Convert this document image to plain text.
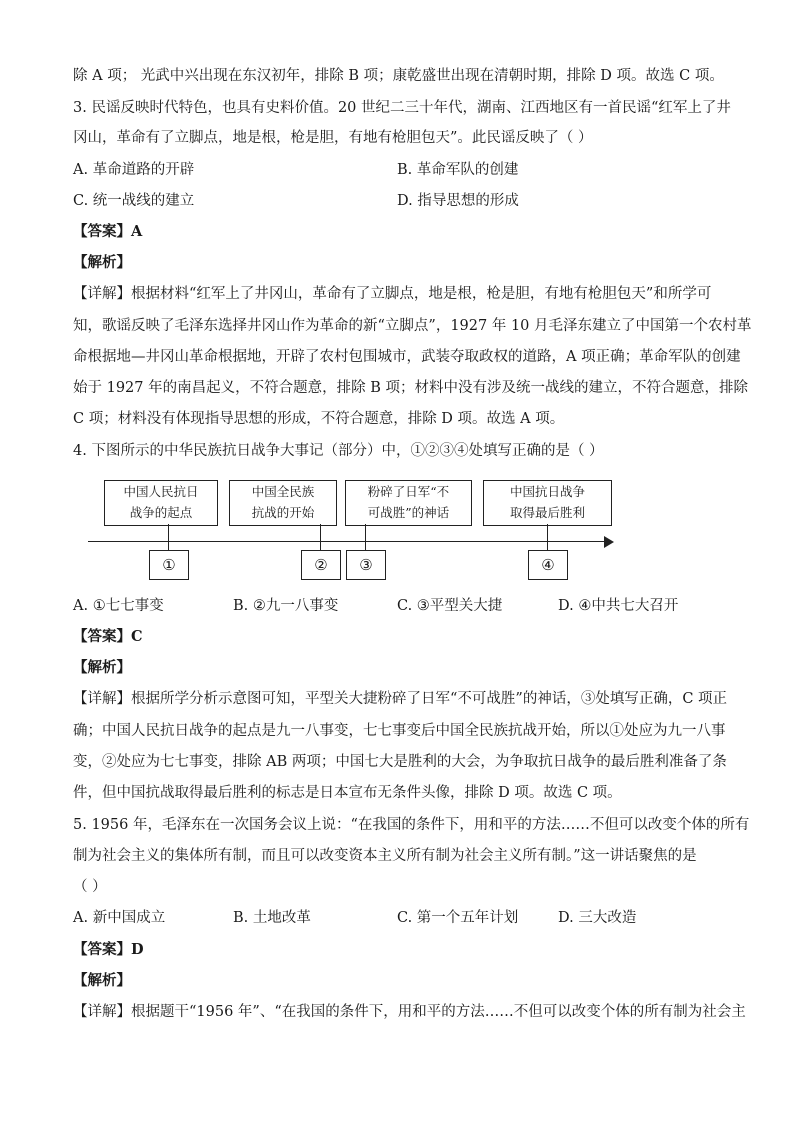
除 A 项； 光武中兴出现在东汉初年，排除 B 项；康乾盛世出现在清朝时期，排除 D 项。故选 C 项。
3. 民谣反映时代特色，也具有史料价值。20 世纪二三十年代，湖南、江西地区有一首民谣“红军上了井
冈山，革命有了立脚点，地是根，枪是胆，有地有枪胆包天”。此民谣反映了（ ）
A. 革命道路的开辟	B. 革命军队的创建
C. 统一战线的建立	D. 指导思想的形成
【答案】A
【解析】
【详解】根据材料“红军上了井冈山，革命有了立脚点，地是根，枪是胆，有地有枪胆包天”和所学可
知，歌谣反映了毛泽东选择井冈山作为革命的新“立脚点”，1927 年 10 月毛泽东建立了中国第一个农村革
命根据地—井冈山革命根据地，开辟了农村包围城市，武装夺取政权的道路，A 项正确；革命军队的创建
始于 1927 年的南昌起义，不符合题意，排除 B 项；材料中没有涉及统一战线的建立，不符合题意，排除
C 项；材料没有体现指导思想的形成，不符合题意，排除 D 项。故选 A 项。
4. 下图所示的中华民族抗日战争大事记（部分）中，①②③④处填写正确的是（ ）
中国人民抗日
战争的起点
中国全民族
抗战的开始
粉碎了日军“不
可战胜”的神话
中国抗日战争
取得最后胜利
①	②	③	④
A. ①七七事变	B. ②九一八事变	C. ③平型关大捷	D. ④中共七大召开
【答案】C
【解析】
【详解】根据所学分析示意图可知，平型关大捷粉碎了日军“不可战胜”的神话，③处填写正确，C 项正
确；中国人民抗日战争的起点是九一八事变，七七事变后中国全民族抗战开始，所以①处应为九一八事
变，②处应为七七事变，排除 AB 两项；中国七大是胜利的大会，为争取抗日战争的最后胜利准备了条
件，但中国抗战取得最后胜利的标志是日本宣布无条件头像，排除 D 项。故选 C 项。
5. 1956 年，毛泽东在一次国务会议上说：“在我国的条件下，用和平的方法……不但可以改变个体的所有
制为社会主义的集体所有制，而且可以改变资本主义所有制为社会主义所有制。”这一讲话聚焦的是
（ ）
A. 新中国成立	B. 土地改革	C. 第一个五年计划	D. 三大改造
【答案】D
【解析】
【详解】根据题干“1956 年”、“在我国的条件下，用和平的方法……不但可以改变个体的所有制为社会主
